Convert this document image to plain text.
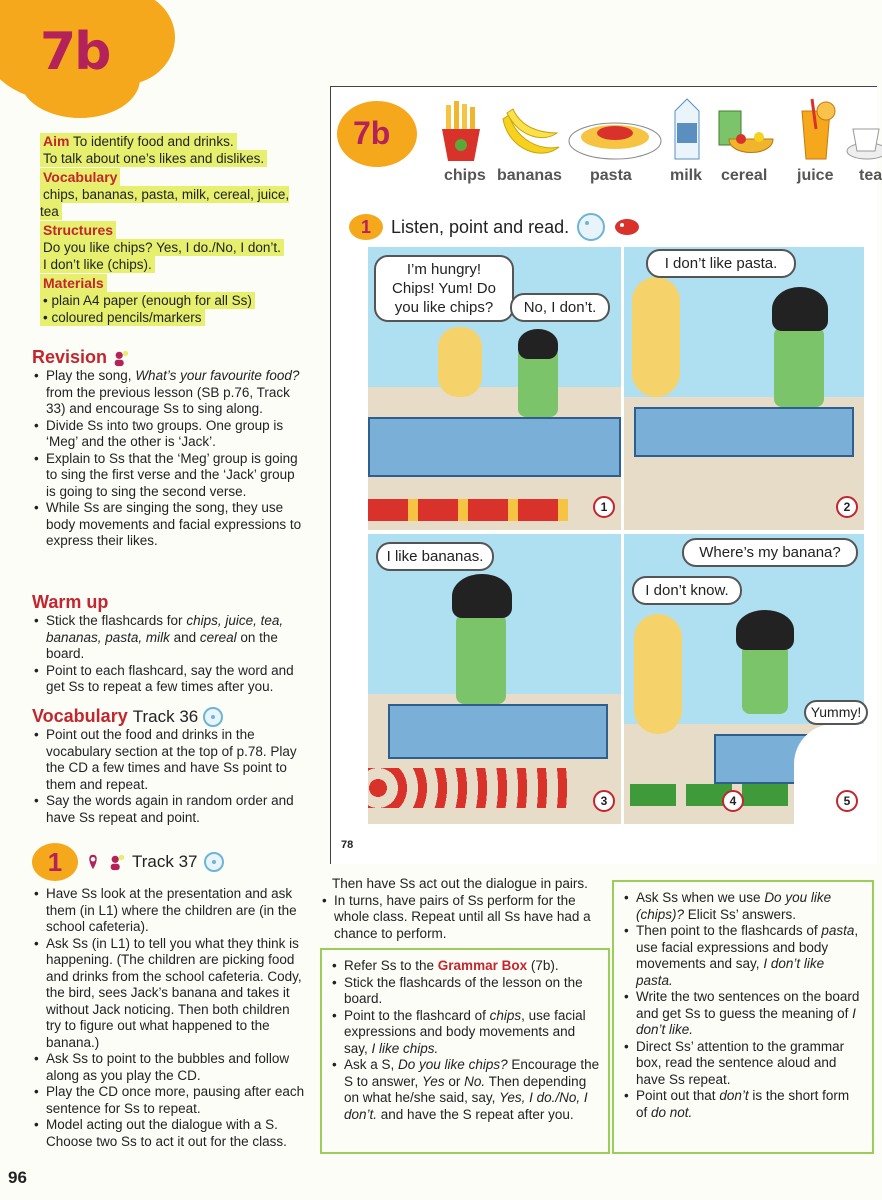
7b
Aim To identify food and drinks.
To talk about one’s likes and dislikes.
Vocabulary
chips, bananas, pasta, milk, cereal, juice, tea
Structures
Do you like chips? Yes, I do./No, I don’t.
I don’t like (chips).
Materials
• plain A4 paper (enough for all Ss)
• coloured pencils/markers
Revision
• Play the song, What’s your favourite food? from the previous lesson (SB p.76, Track 33) and encourage Ss to sing along.
• Divide Ss into two groups. One group is ‘Meg’ and the other is ‘Jack’.
• Explain to Ss that the ‘Meg’ group is going to sing the first verse and the ‘Jack’ group is going to sing the second verse.
• While Ss are singing the song, they use body movements and facial expressions to express their likes.
Warm up
• Stick the flashcards for chips, juice, tea, bananas, pasta, milk and cereal on the board.
• Point to each flashcard, say the word and get Ss to repeat a few times after you.
Vocabulary Track 36
• Point out the food and drinks in the vocabulary section at the top of p.78. Play the CD a few times and have Ss point to them and repeat.
• Say the words again in random order and have Ss repeat and point.
1	Track 37
• Have Ss look at the presentation and ask them (in L1) where the children are (in the school cafeteria).
• Ask Ss (in L1) to tell you what they think is happening. (The children are picking food and drinks from the school cafeteria. Cody, the bird, sees Jack’s banana and takes it without Jack noticing. Then both children try to figure out what happened to the banana.)
• Ask Ss to point to the bubbles and follow along as you play the CD.
• Play the CD once more, pausing after each sentence for Ss to repeat.
• Model acting out the dialogue with a S. Choose two Ss to act it out for the class.
96
7b
chips bananas pasta milk cereal juice tea
1	Listen, point and read.
I’m hungry! Chips! Yum! Do you like chips?	No, I don’t.
1
I don’t like pasta.
2
I like bananas.
3
Where’s my banana?
I don’t know.
Yummy!
4	5
78
Then have Ss act out the dialogue in pairs.
• In turns, have pairs of Ss perform for the whole class. Repeat until all Ss have had a chance to perform.
• Refer Ss to the Grammar Box (7b).
• Stick the flashcards of the lesson on the board.
• Point to the flashcard of chips, use facial expressions and body movements and say, I like chips.
• Ask a S, Do you like chips? Encourage the S to answer, Yes or No. Then depending on what he/she said, say, Yes, I do./No, I don’t. and have the S repeat after you.
• Ask Ss when we use Do you like (chips)? Elicit Ss’ answers.
• Then point to the flashcards of pasta, use facial expressions and body movements and say, I don’t like pasta.
• Write the two sentences on the board and get Ss to guess the meaning of I don’t like.
• Direct Ss’ attention to the grammar box, read the sentence aloud and have Ss repeat.
• Point out that don’t is the short form of do not.
